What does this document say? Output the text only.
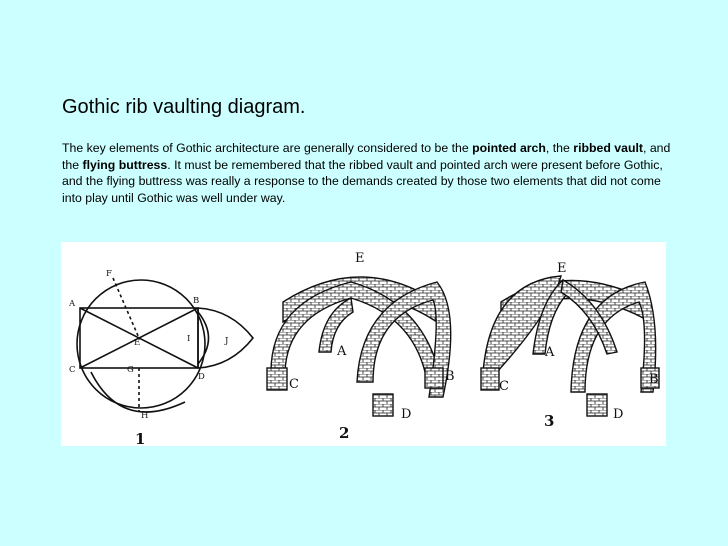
Gothic rib vaulting diagram.

The key elements of Gothic architecture are generally considered to be the pointed arch, the ribbed vault, and the flying buttress. It must be remembered that the ribbed vault and pointed arch were present before Gothic, and the flying buttress was really a response to the demands created by those two elements that did not come into play until Gothic was well under way.

F
A	B
E	I	J
C	G
D
H
1
E
A
B
C
D
2
E
A
B
C
D
3
